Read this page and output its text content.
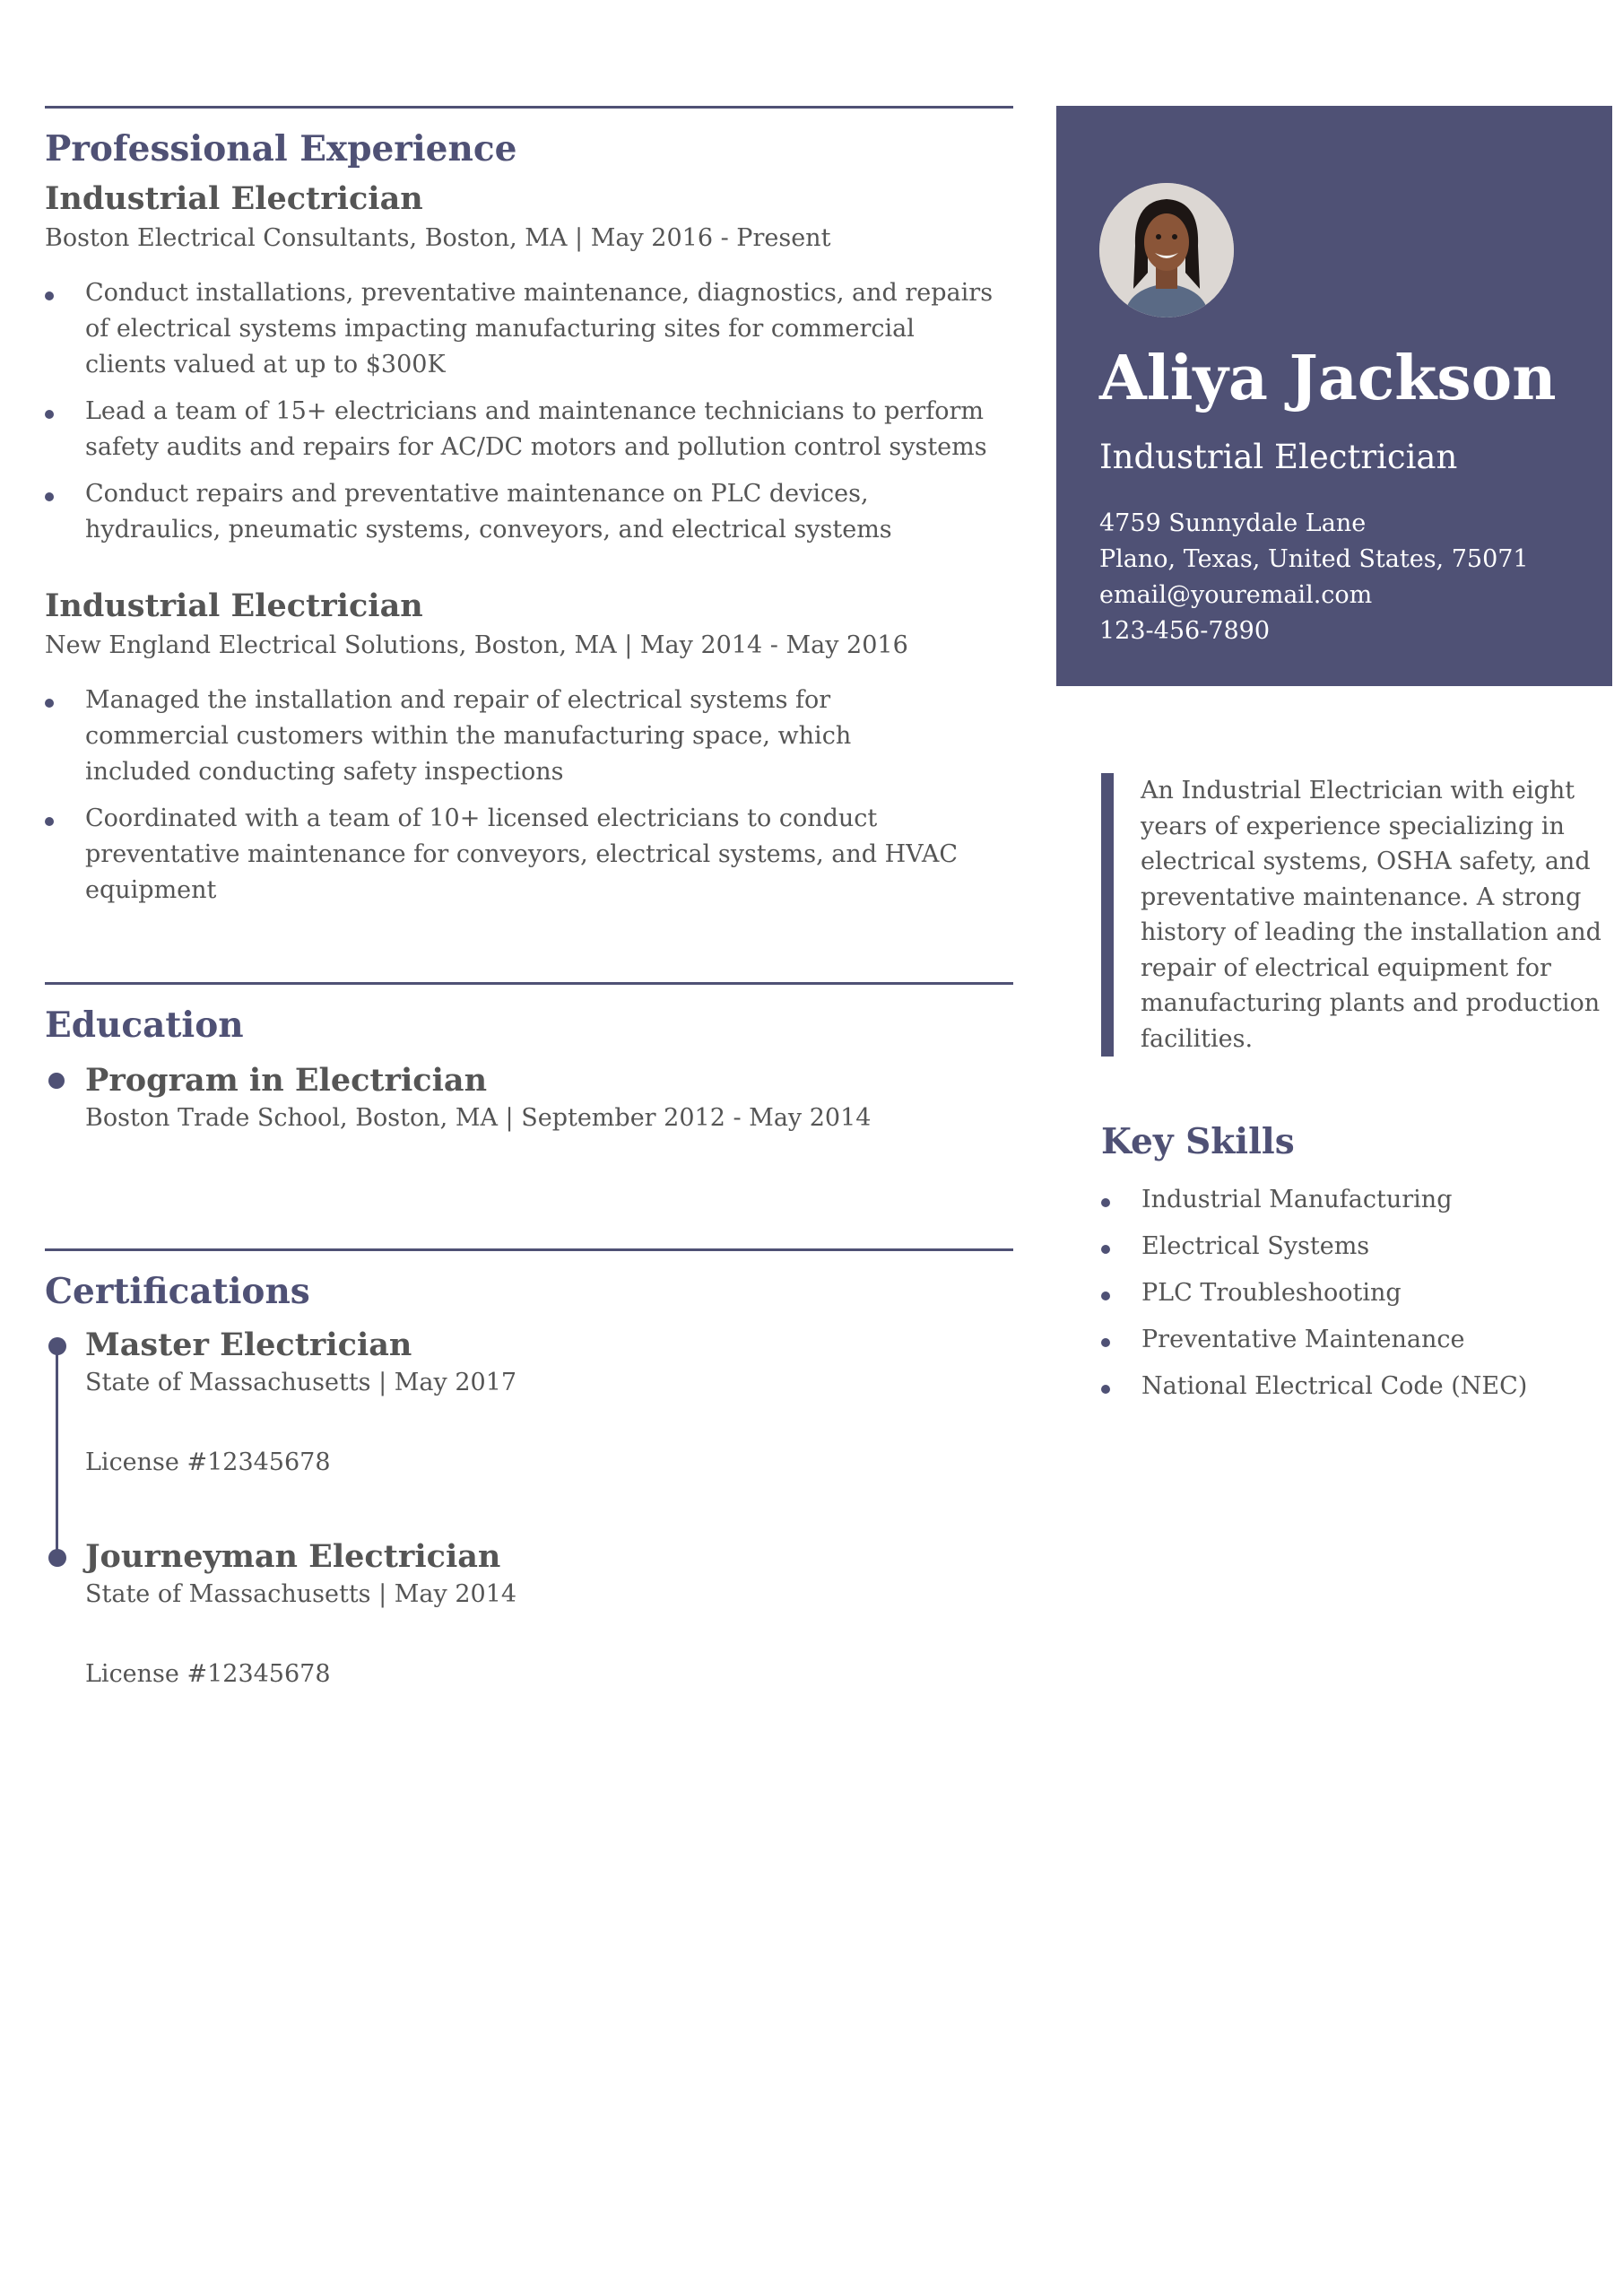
Professional Experience
Industrial Electrician

Boston Electrical Consultants, Boston, MA | May 2016 - Present

Conduct installations, preventative maintenance, diagnostics, and repairs of electrical systems impacting manufacturing sites for commercial clients valued at up to $300K
Lead a team of 15+ electricians and maintenance technicians to perform safety audits and repairs for AC/DC motors and pollution control systems
Conduct repairs and preventative maintenance on PLC devices, hydraulics, pneumatic systems, conveyors, and electrical systems
Industrial Electrician

New England Electrical Solutions, Boston, MA | May 2014 - May 2016

Managed the installation and repair of electrical systems for commercial customers within the manufacturing space, which included conducting safety inspections
Coordinated with a team of 10+ licensed electricians to conduct preventative maintenance for conveyors, electrical systems, and HVAC equipment
Education
Program in Electrician

Boston Trade School, Boston, MA | September 2012 - May 2014

Certifications
Master Electrician

State of Massachusetts | May 2017

License #12345678

Journeyman Electrician

State of Massachusetts | May 2014

License #12345678

Aliya Jackson
Industrial Electrician
4759 Sunnydale Lane
Plano, Texas, United States, 75071
email@youremail.com
123-456-7890
An Industrial Electrician with eight years of experience specializing in electrical systems, OSHA safety, and preventative maintenance. A strong history of leading the installation and repair of electrical equipment for manufacturing plants and production facilities.
Key Skills
Industrial Manufacturing
Electrical Systems
PLC Troubleshooting
Preventative Maintenance
National Electrical Code (NEC)
